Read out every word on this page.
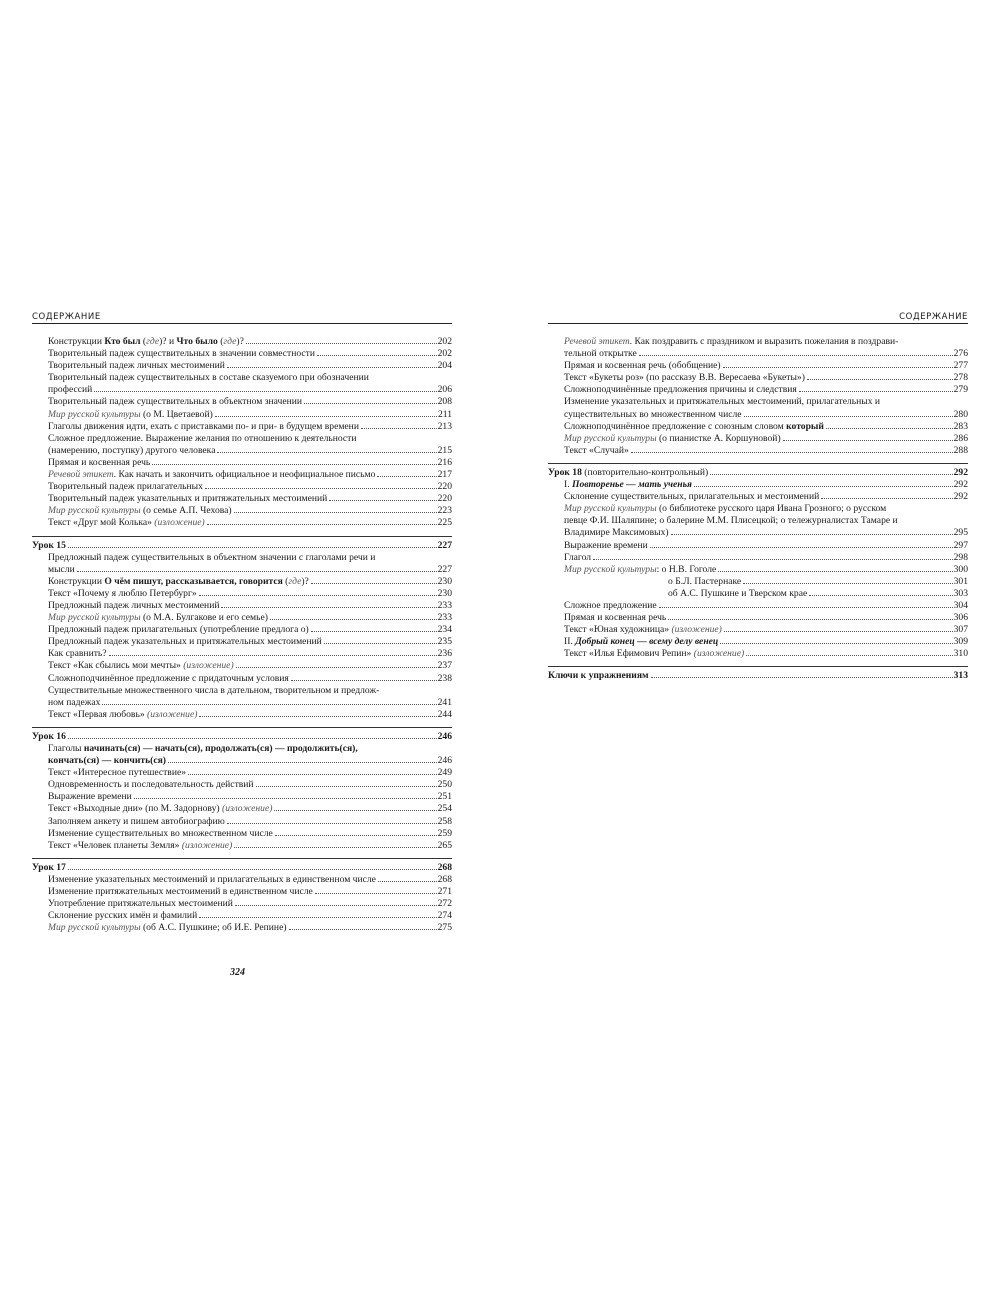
СОДЕРЖАНИЕ
Конструкции Кто был (где)? и Что было (где)?	202
Творительный падеж существительных в значении совместности	202
Творительный падеж личных местоимений	204
Творительный падеж существительных в составе сказуемого при обозначении
профессий	206
Творительный падеж существительных в объектном значении	208
Мир русской культуры (о М. Цветаевой)	211
Глаголы движения идти, ехать с приставками по- и при- в будущем времени	213
Сложное предложение. Выражение желания по отношению к деятельности
(намерению, поступку) другого человека	215
Прямая и косвенная речь	216
Речевой этикет. Как начать и закончить официальное и неофициальное письмо	217
Творительный падеж прилагательных	220
Творительный падеж указательных и притяжательных местоимений	220
Мир русской культуры (о семье А.П. Чехова)	223
Текст «Друг мой Колька» (изложение)	225
Урок 15	227
Предложный падеж существительных в объектном значении с глаголами речи и
мысли	227
Конструкции О чём пишут, рассказывается, говорится (где)?	230
Текст «Почему я люблю Петербург»	230
Предложный падеж личных местоимений	233
Мир русской культуры (о М.А. Булгакове и его семье)	233
Предложный падеж прилагательных (употребление предлога о)	234
Предложный падеж указательных и притяжательных местоимений	235
Как сравнить?	236
Текст «Как сбылись мои мечты» (изложение)	237
Сложноподчинённое предложение с придаточным условия	238
Существительные множественного числа в дательном, творительном и предлож-
ном падежах	241
Текст «Первая любовь» (изложение)	244
Урок 16	246
Глаголы начинать(ся) — начать(ся), продолжать(ся) — продолжить(ся),
кончать(ся) — кончить(ся)	246
Текст «Интересное путешествие»	249
Одновременность и последовательность действий	250
Выражение времени	251
Текст «Выходные дни» (по М. Задорнову) (изложение)	254
Заполняем анкету и пишем автобиографию	258
Изменение существительных во множественном числе	259
Текст «Человек планеты Земля» (изложение)	265
Урок 17	268
Изменение указательных местоимений и прилагательных в единственном числе	268
Изменение притяжательных местоимений в единственном числе	271
Употребление притяжательных местоимений	272
Склонение русских имён и фамилий	274
Мир русской культуры (об А.С. Пушкине; об И.Е. Репине)	275
СОДЕРЖАНИЕ
Речевой этикет. Как поздравить с праздником и выразить пожелания в поздрави-
тельной открытке	276
Прямая и косвенная речь (обобщение)	277
Текст «Букеты роз» (по рассказу В.В. Вересаева «Букеты»)	278
Сложноподчинённые предложения причины и следствия	279
Изменение указательных и притяжательных местоимений, прилагательных и
существительных во множественном числе	280
Сложноподчинённое предложение с союзным словом который	283
Мир русской культуры (о пианистке А. Коршуновой)	286
Текст «Случай»	288
Урок 18 (повторительно-контрольный)	292
I. Повторенье — мать ученья	292
Склонение существительных, прилагательных и местоимений	292
Мир русской культуры (о библиотеке русского царя Ивана Грозного; о русском
певце Ф.И. Шаляпине; о балерине М.М. Плисецкой; о тележурналистах Тамаре и
Владимире Максимовых)	295
Выражение времени	297
Глагол	298
Мир русской культуры: о Н.В. Гоголе	300
о Б.Л. Пастернаке	301
об А.С. Пушкине и Тверском крае	303
Сложное предложение	304
Прямая и косвенная речь	306
Текст «Юная художница» (изложение)	307
II. Добрый конец — всему делу венец	309
Текст «Илья Ефимович Репин» (изложение)	310
Ключи к упражнениям	313
324
